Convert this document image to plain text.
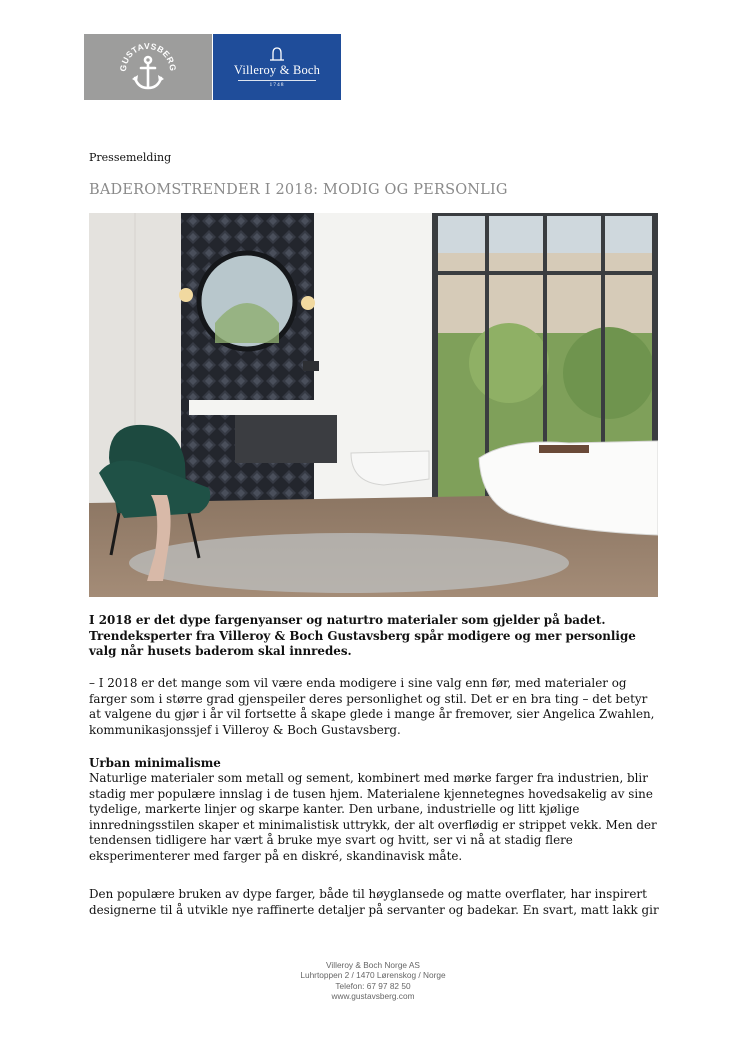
GUSTAVSBERG	Villeroy & Boch
1748
Pressemelding
BADEROMSTRENDER I 2018: MODIG OG PERSONLIG

I 2018 er det dype fargenyanser og naturtro materialer som gjelder på badet. Trendeksperter fra Villeroy & Boch Gustavsberg spår modigere og mer personlige valg når husets baderom skal innredes.

– I 2018 er det mange som vil være enda modigere i sine valg enn før, med materialer og farger som i større grad gjenspeiler deres personlighet og stil. Det er en bra ting – det betyr at valgene du gjør i år vil fortsette å skape glede i mange år fremover, sier Angelica Zwahlen, kommunikasjonssjef i Villeroy & Boch Gustavsberg.

Urban minimalisme

Naturlige materialer som metall og sement, kombinert med mørke farger fra industrien, blir stadig mer populære innslag i de tusen hjem. Materialene kjennetegnes hovedsakelig av sine tydelige, markerte linjer og skarpe kanter. Den urbane, industrielle og litt kjølige innredningsstilen skaper et minimalistisk uttrykk, der alt overflødig er strippet vekk. Men der tendensen tidligere har vært å bruke mye svart og hvitt, ser vi nå at stadig flere eksperimenterer med farger på en diskré, skandinavisk måte.

Den populære bruken av dype farger, både til høyglansede og matte overflater, har inspirert designerne til å utvikle nye raffinerte detaljer på servanter og badekar. En svart, matt lakk gir

Villeroy & Boch Norge AS
Luhrtoppen 2 / 1470 Lørenskog / Norge
Telefon: 67 97 82 50
www.gustavsberg.com
